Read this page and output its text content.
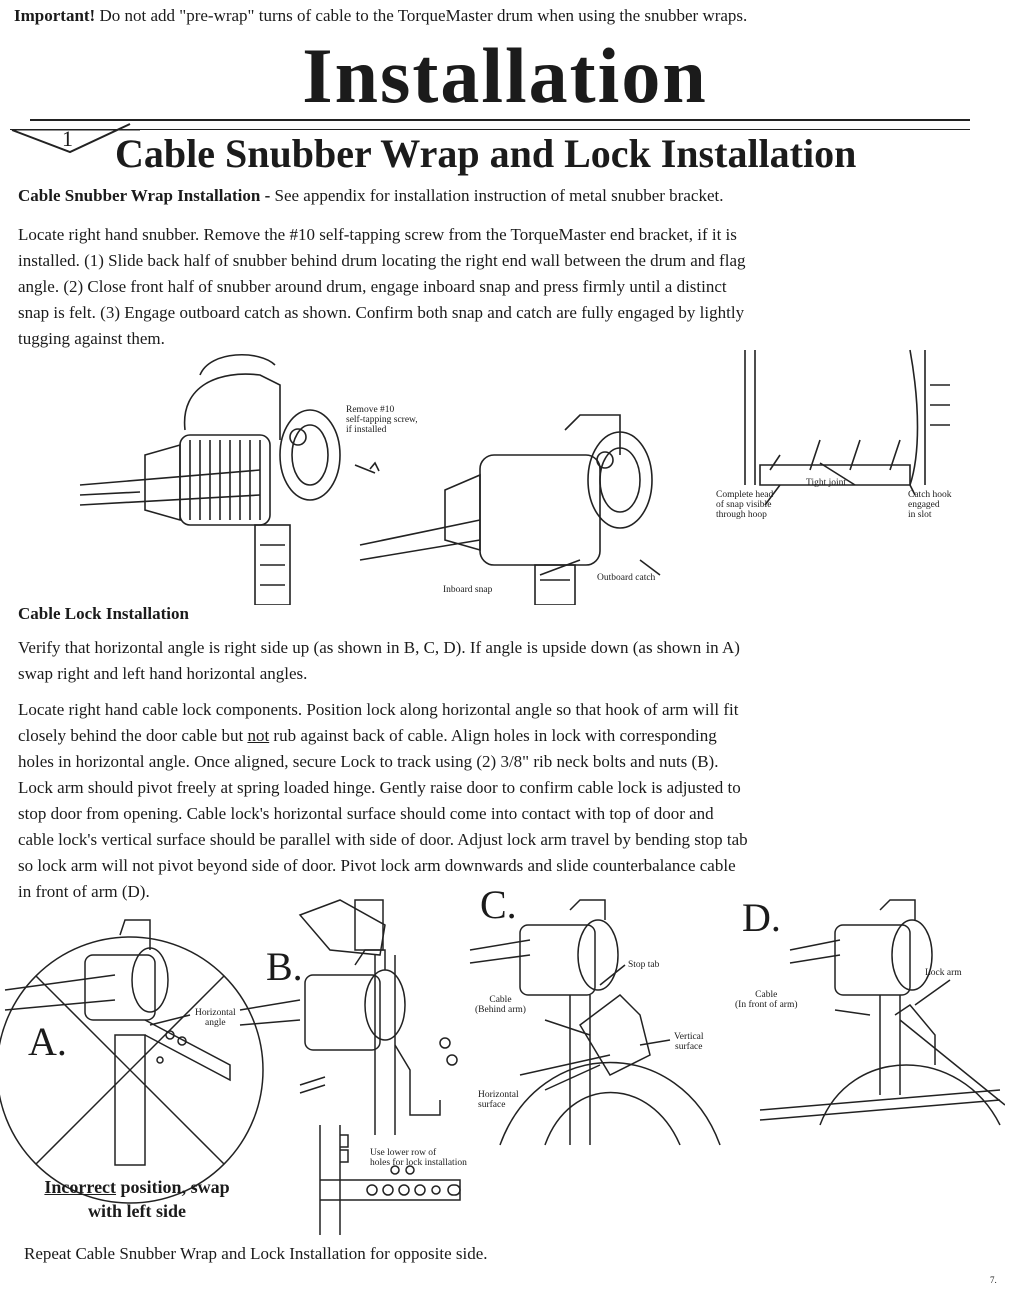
Important! Do not add "pre-wrap" turns of cable to the TorqueMaster drum when using the snubber wraps.
Installation
1 Cable Snubber Wrap and Lock Installation
Cable Snubber Wrap Installation - See appendix for installation instruction of metal snubber bracket.
Locate right hand snubber. Remove the #10 self-tapping screw from the TorqueMaster end bracket, if it is
installed. (1) Slide back half of snubber behind drum locating the right end wall between the drum and flag
angle. (2) Close front half of snubber around drum, engage inboard snap and press firmly until a distinct
snap is felt. (3) Engage outboard catch as shown. Confirm both snap and catch are fully engaged by lightly
tugging against them.
Remove #10
self-tapping screw,
if installed
Inboard snap
Outboard catch
Tight joint
Complete head
of snap visible
through hoop
Catch hook
engaged
in slot
Cable Lock Installation
Verify that horizontal angle is right side up (as shown in B, C, D). If angle is upside down (as shown in A)
swap right and left hand horizontal angles.
Locate right hand cable lock components. Position lock along horizontal angle so that hook of arm will fit
closely behind the door cable but not rub against back of cable. Align holes in lock with corresponding
holes in horizontal angle. Once aligned, secure Lock to track using (2) 3/8" rib neck bolts and nuts (B).
Lock arm should pivot freely at spring loaded hinge. Gently raise door to confirm cable lock is adjusted to
stop door from opening. Cable lock's horizontal surface should come into contact with top of door and
cable lock's vertical surface should be parallel with side of door. Adjust lock arm travel by bending stop tab
so lock arm will not pivot beyond side of door. Pivot lock arm downwards and slide counterbalance cable
in front of arm (D).
A.
B.
C.	D.
Horizontal
angle
Incorrect position, swap
with left side
Use lower row of
holes for lock installation
Stop tab
Cable
(Behind arm)
Vertical
surface
Horizontal
surface
Lock arm
Cable
(In front of arm)
Repeat Cable Snubber Wrap and Lock Installation for opposite side.
7.
